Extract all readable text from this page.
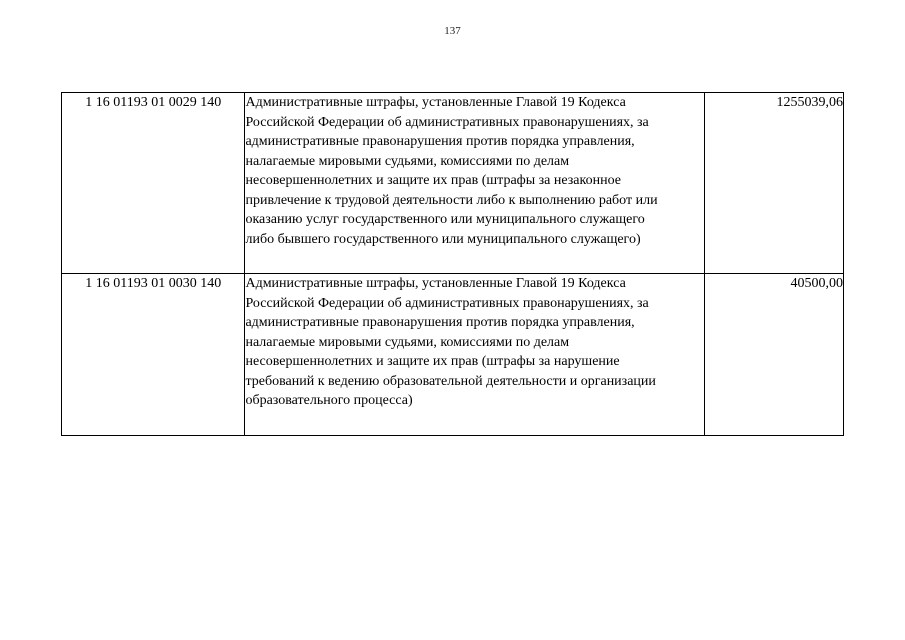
137
1 16 01193 01 0029 140	Административные штрафы, установленные Главой 19 Кодекса
Российской Федерации об административных правонарушениях, за
административные правонарушения против порядка управления,
налагаемые мировыми судьями, комиссиями по делам
несовершеннолетних и защите их прав (штрафы за незаконное
привлечение к трудовой деятельности либо к выполнению работ или
оказанию услуг государственного или муниципального служащего
либо бывшего государственного или муниципального служащего)
	1255039,06
1 16 01193 01 0030 140	Административные штрафы, установленные Главой 19 Кодекса
Российской Федерации об административных правонарушениях, за
административные правонарушения против порядка управления,
налагаемые мировыми судьями, комиссиями по делам
несовершеннолетних и защите их прав (штрафы за нарушение
требований к ведению образовательной деятельности и организации
образовательного процесса)
	40500,00
